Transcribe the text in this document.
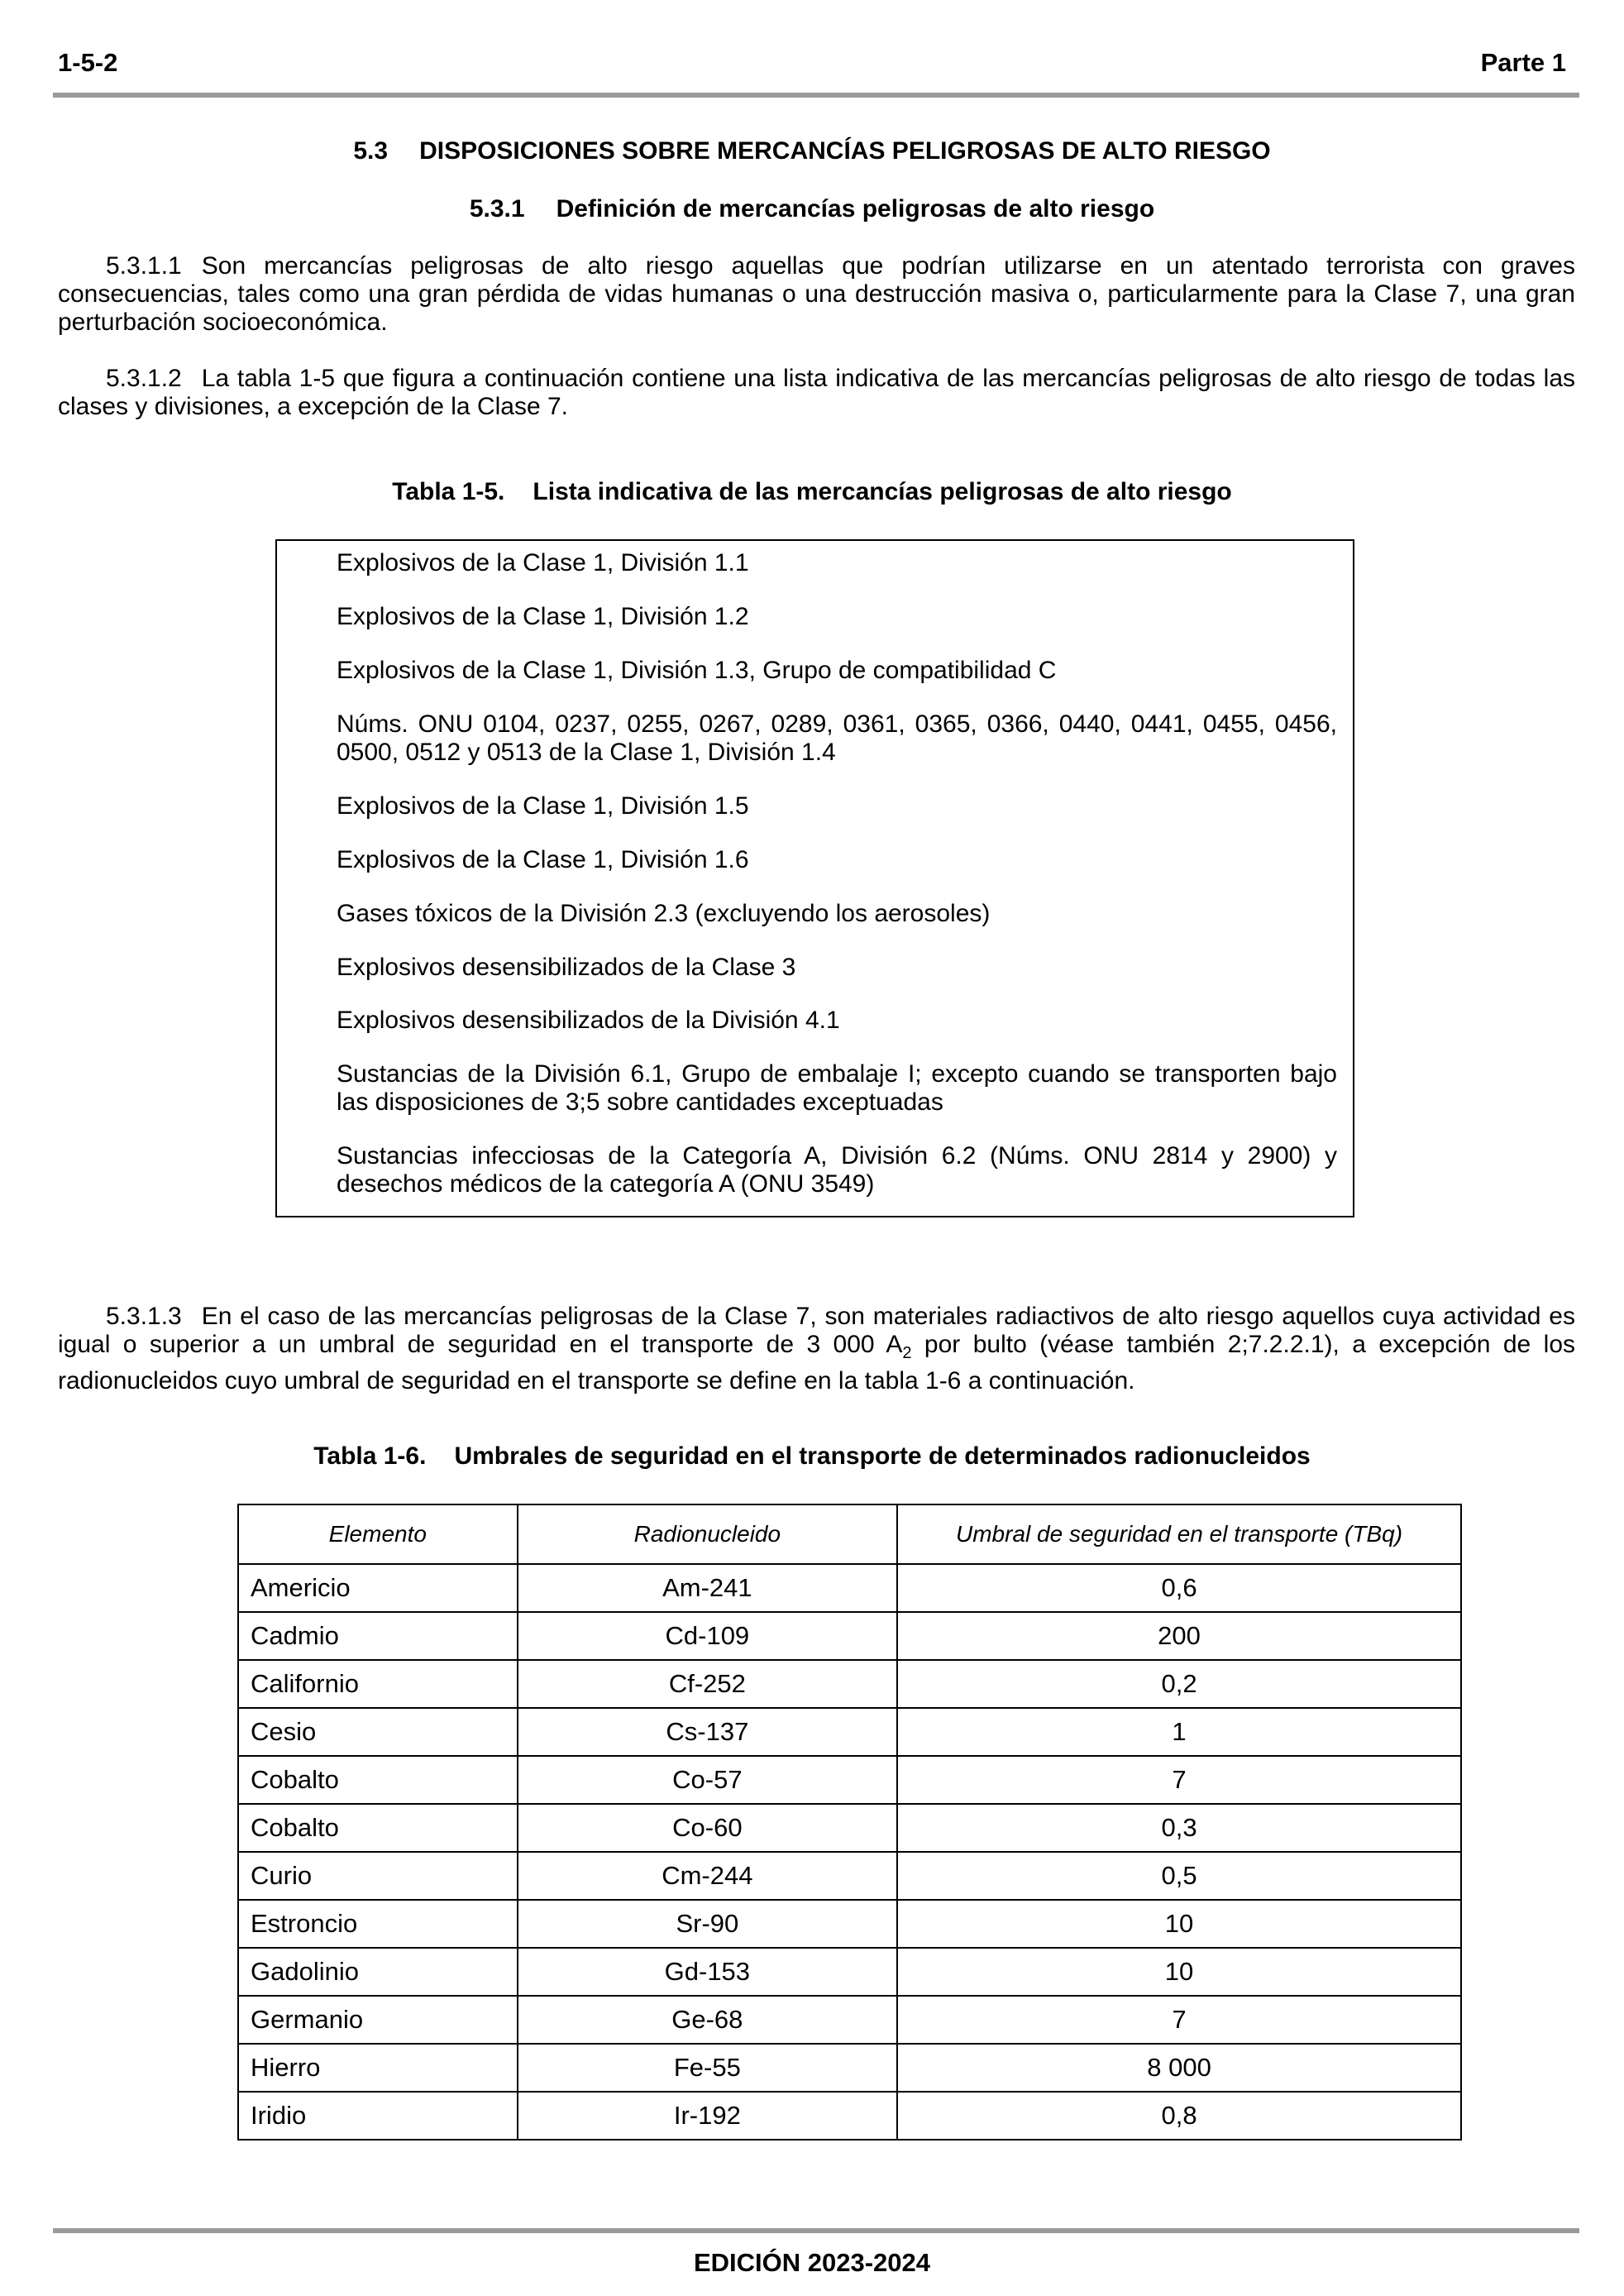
1-5-2	Parte 1
5.3 DISPOSICIONES SOBRE MERCANCÍAS PELIGROSAS DE ALTO RIESGO
5.3.1 Definición de mercancías peligrosas de alto riesgo
5.3.1.1 Son mercancías peligrosas de alto riesgo aquellas que podrían utilizarse en un atentado terrorista con graves consecuencias, tales como una gran pérdida de vidas humanas o una destrucción masiva o, particularmente para la Clase 7, una gran perturbación socioeconómica.
5.3.1.2 La tabla 1-5 que figura a continuación contiene una lista indicativa de las mercancías peligrosas de alto riesgo de todas las clases y divisiones, a excepción de la Clase 7.
Tabla 1-5. Lista indicativa de las mercancías peligrosas de alto riesgo
Explosivos de la Clase 1, División 1.1
Explosivos de la Clase 1, División 1.2
Explosivos de la Clase 1, División 1.3, Grupo de compatibilidad C
Núms. ONU 0104, 0237, 0255, 0267, 0289, 0361, 0365, 0366, 0440, 0441, 0455, 0456, 0500, 0512 y 0513 de la Clase 1, División 1.4
Explosivos de la Clase 1, División 1.5
Explosivos de la Clase 1, División 1.6
Gases tóxicos de la División 2.3 (excluyendo los aerosoles)
Explosivos desensibilizados de la Clase 3
Explosivos desensibilizados de la División 4.1
Sustancias de la División 6.1, Grupo de embalaje I; excepto cuando se transporten bajo las disposiciones de 3;5 sobre cantidades exceptuadas
Sustancias infecciosas de la Categoría A, División 6.2 (Núms. ONU 2814 y 2900) y desechos médicos de la categoría A (ONU 3549)
5.3.1.3 En el caso de las mercancías peligrosas de la Clase 7, son materiales radiactivos de alto riesgo aquellos cuya actividad es igual o superior a un umbral de seguridad en el transporte de 3 000 $A_2$ por bulto (véase también 2;7.2.2.1), a excepción de los radionucleidos cuyo umbral de seguridad en el transporte se define en la tabla 1-6 a continuación.
Tabla 1-6. Umbrales de seguridad en el transporte de determinados radionucleidos
Elemento	Radionucleido	Umbral de seguridad en el transporte (TBq)
Americio	Am-241	0,6
Cadmio	Cd-109	200
Californio	Cf-252	0,2
Cesio	Cs-137	1
Cobalto	Co-57	7
Cobalto	Co-60	0,3
Curio	Cm-244	0,5
Estroncio	Sr-90	10
Gadolinio	Gd-153	10
Germanio	Ge-68	7
Hierro	Fe-55	8 000
Iridio	Ir-192	0,8
EDICIÓN 2023-2024
